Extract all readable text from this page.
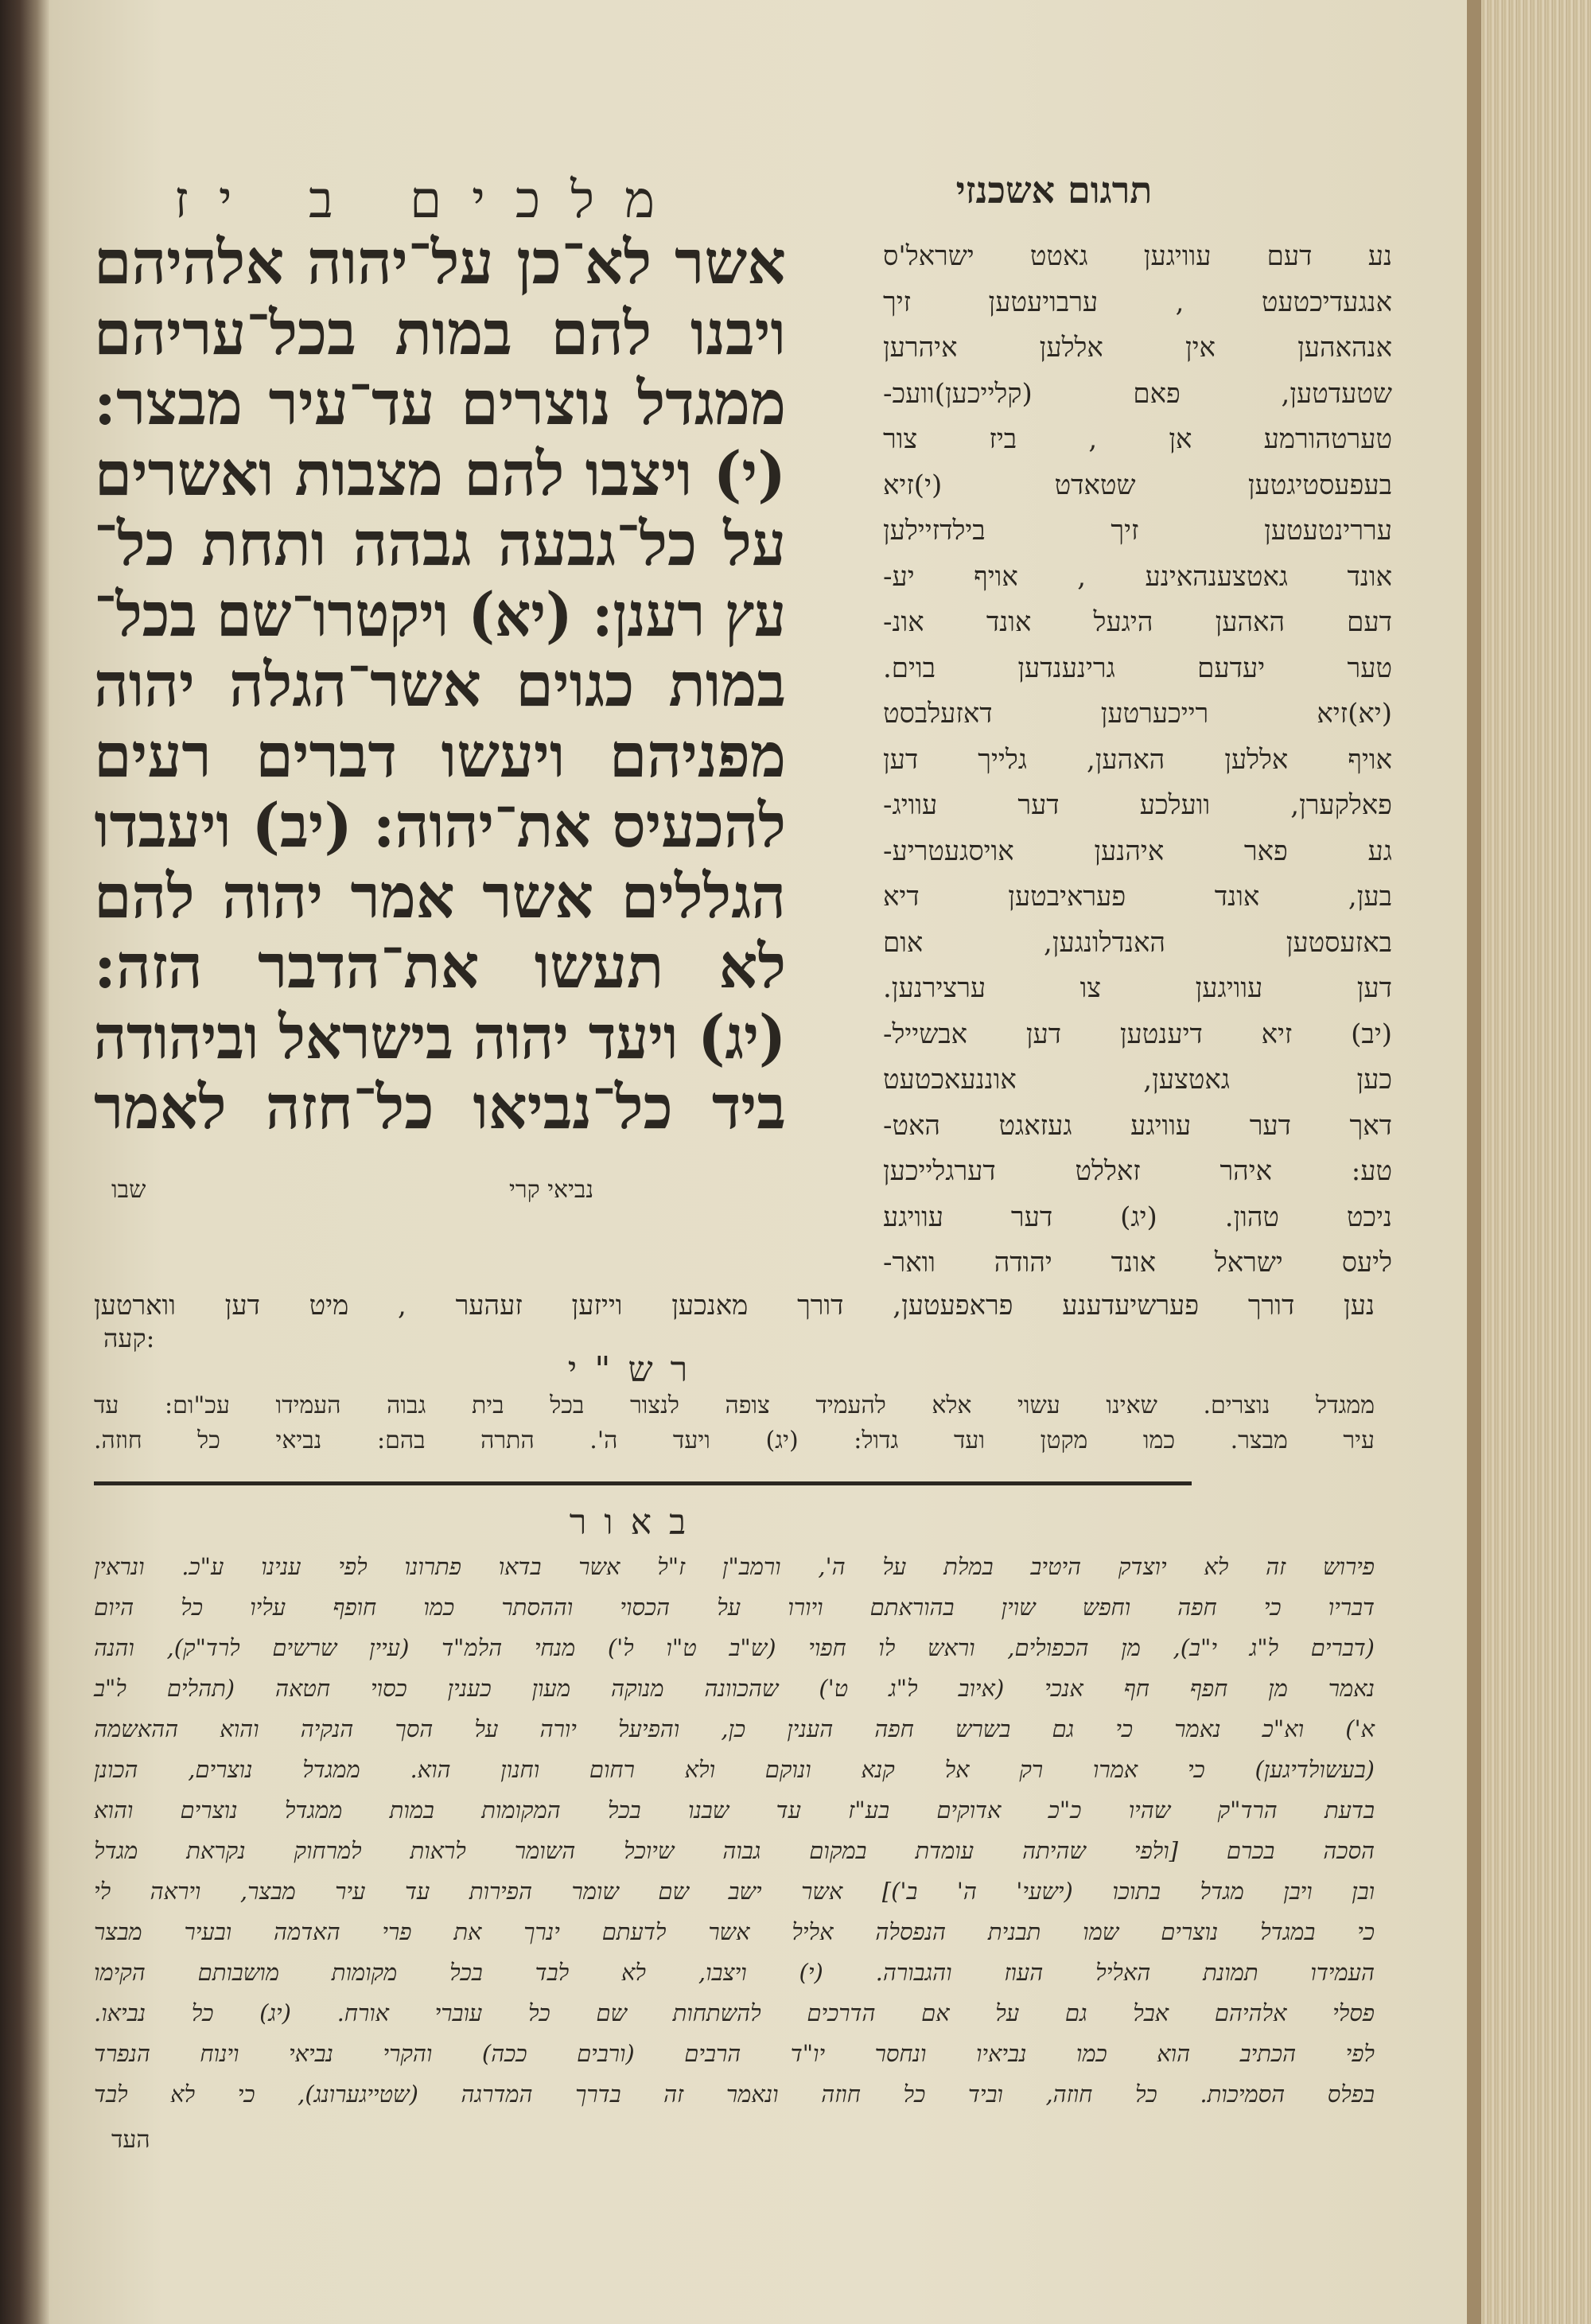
מלכים ב יז	תרגום אשכנזי
אשר לא־כן על־יהוה אלהיהם
ויבנו להם במות בכל־עריהם
ממגדל נוצרים עד־עיר מבצר:
(י) ויצבו להם מצבות ואשרים
על כל־גבעה גבהה ותחת כל־
עץ רענן: (יא) ויקטרו־שם בכל־
במות כגוים אשר־הגלה יהוה
מפניהם ויעשו דברים רעים
להכעיס את־יהוה: (יב) ויעבדו
הגללים אשר אמר יהוה להם
לא תעשו את־הדבר הזה:
(יג) ויעד יהוה בישראל וביהודה
ביד כל־נביאו כל־חזה לאמר
שבו	נביאי קרי
נע דעם עוויגען גאטט ישראל'ס
אנגעדיכטעט , ערבויעטען זיך
אנהאהען אין אללען איהרען
שטעדטען, פאם (קלייכען)וועכ-
טערטהורמע אן , ביז צור
בעפעסטיגטען שטאדט (י)זיא
עררינטעטען זיך בילדזיילען
אונד גאטצענהאינע , אויף יע-
דעם האהען היגעל אונד אונ-
טער יעדעם גרינענדען בוים.
(יא)זיא רייכערטען דאזעלבסט
אויף אללען האהען, גלייך דען
פאלקערן, וועלכע דער עוויג-
גע פאר איהנען אויסגעטריע-
בען, אונד פעראיבטען דיא
באזעסטען האנדלונגען, אום
דען עוויגען צו ערצירנען.
(יב) זיא דיענטען דען אבשייל-
כען גאטצען, אוננעאכטעט
דאך דער עוויגע געזאגט האט-
טע: איהר זאללט דערגלייכען
ניכט טהון. (יג) דער עוויגע
ליעס ישראל אונד יהודה וואר-
נען דורך פערשיעדענע פראפעטען, דורך מאנכען וייזען זעהער , מיט דען ווארטען
קעה:
רש"י
ממגדל נוצרים. שאינו עשוי אלא להעמיד צופה לנצור בכל בית גבוה העמידו עכ"ום: עד
עיר מבצר. כמו מקטן ועד גדול: (יג) ויעד ה'. התרה בהם: נביאי כל חוזה.
באור
פירוש זה לא יוצדק היטיב במלת על ה', ורמב"ן ז"ל אשר בדאו פתרונו לפי ענינו ע"כ. ונראין
דבריו כי חפה וחפש שוין בהוראתם ויורו על הכסוי וההסתר כמו חופף עליו כל היום
(דברים ל"ג י"ב), מן הכפולים, וראש לו חפוי (ש"ב ט"ו ל') מנחי הלמ"ד (עיין שרשים לרד"ק), והנה
נאמר מן חפף חף אנכי (איוב ל"ג ט') שהכוונה מנוקה מעון כענין כסוי חטאה (תהלים ל"ב
א') וא"כ נאמר כי גם בשרש חפה הענין כן, והפיעל יורה על הסך הנקיה והוא ההאשמה
(בעשולדיגען) כי אמרו רק אל קנא ונוקם ולא רחום וחנון הוא. ממגדל נוצרים, הכונן
בדעת הרד"ק שהיו כ"כ אדוקים בע"ז עד שבנו בכל המקומות במות ממגדל נוצרים והוא
הסכה בכרם [ולפי שהיתה עומדת במקום גבוה שיוכל השומר לראות למרחוק נקראת מגדל
ובן ויבן מגדל בתוכו (ישעי' ה' ב')] אשר ישב שם שומר הפירות עד עיר מבצר, ויראה לי
כי במגדל נוצרים שמו תבנית הנפסלה אליל אשר לדעתם ינרך את פרי האדמה ובעיר מבצר
העמידו תמונת האליל העוז והגבורה. (י) ויצבו, לא לבד בכל מקומות מושבותם הקימו
פסלי אלהיהם אבל גם על אם הדרכים להשתחות שם כל עוברי אורח. (יג) כל נביאו.
לפי הכתיב הוא כמו נביאיו ונחסר יו"ד הרבים (ורבים ככה) והקרי נביאי וינוח הנפרד
בפלס הסמיכות. כל חוזה, וביד כל חוזה ונאמר זה בדרך המדרגה (שטייגערונג), כי לא לבד
העד
